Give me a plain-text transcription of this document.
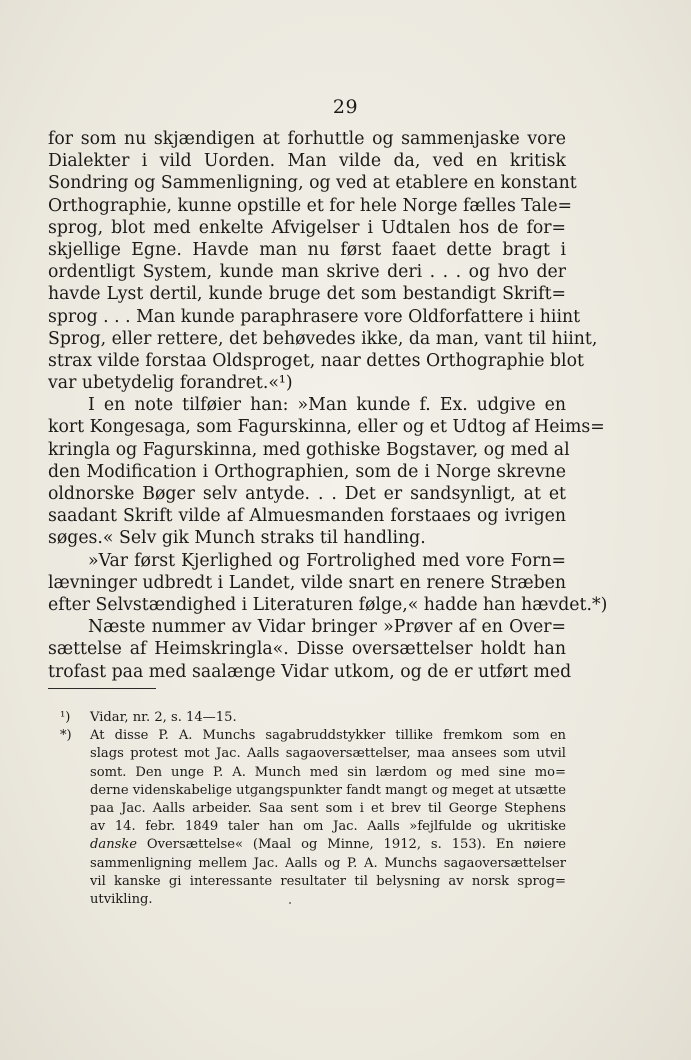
29
for som nu skjændigen at forhuttle og sammenjaske vore
Dialekter i vild Uorden. Man vilde da, ved en kritisk
Sondring og Sammenligning, og ved at etablere en konstant
Orthographie, kunne opstille et for hele Norge fælles Tale=
sprog, blot med enkelte Afvigelser i Udtalen hos de for=
skjellige Egne. Havde man nu først faaet dette bragt i
ordentligt System, kunde man skrive deri . . . og hvo der
havde Lyst dertil, kunde bruge det som bestandigt Skrift=
sprog . . . Man kunde paraphrasere vore Oldforfattere i hiint
Sprog, eller rettere, det behøvedes ikke, da man, vant til hiint,
strax vilde forstaa Oldsproget, naar dettes Orthographie blot
var ubetydelig forandret.«¹)
I en note tilføier han: »Man kunde f. Ex. udgive en
kort Kongesaga, som Fagurskinna, eller og et Udtog af Heims=
kringla og Fagurskinna, med gothiske Bogstaver, og med al
den Modification i Orthographien, som de i Norge skrevne
oldnorske Bøger selv antyde. . . Det er sandsynligt, at et
saadant Skrift vilde af Almuesmanden forstaaes og ivrigen
søges.« Selv gik Munch straks til handling.
»Var først Kjerlighed og Fortrolighed med vore Forn=
lævninger udbredt i Landet, vilde snart en renere Stræben
efter Selvstændighed i Literaturen følge,« hadde han hævdet.*)
Næste nummer av Vidar bringer »Prøver af en Over=
sættelse af Heimskringla«. Disse oversættelser holdt han
trofast paa med saalænge Vidar utkom, og de er utført med
¹) Vidar, nr. 2, s. 14—15.
*) At disse P. A. Munchs sagabruddstykker tillike fremkom som en
slags protest mot Jac. Aalls sagaoversættelser, maa ansees som utvil
somt. Den unge P. A. Munch med sin lærdom og med sine mo=
derne videnskabelige utgangspunkter fandt mangt og meget at utsætte
paa Jac. Aalls arbeider. Saa sent som i et brev til George Stephens
av 14. febr. 1849 taler han om Jac. Aalls »fejlfulde og ukritiske
danske Oversættelse« (Maal og Minne, 1912, s. 153). En nøiere
sammenligning mellem Jac. Aalls og P. A. Munchs sagaoversættelser
vil kanske gi interessante resultater til belysning av norsk sprog=
utvikling.
